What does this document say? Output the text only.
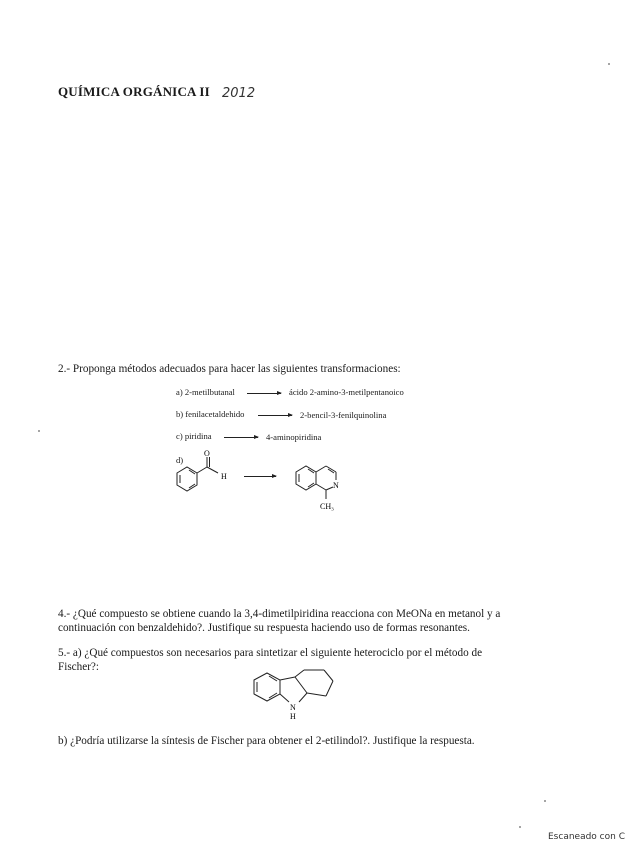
QUÍMICA ORGÁNICA II 2012
2.- Proponga métodos adecuados para hacer las siguientes transformaciones:
a) 2-metilbutanal	ácido 2-amino-3-metilpentanoico
b) fenilacetaldehido	2-bencil-3-fenilquinolina
c) piridina	4-aminopiridina
d)
O
H
N
CH₃
4.- ¿Qué compuesto se obtiene cuando la 3,4-dimetilpiridina reacciona con MeONa en metanol y a
continuación con benzaldehido?. Justifique su respuesta haciendo uso de formas resonantes.
5.- a) ¿Qué compuestos son necesarios para sintetizar el siguiente heterociclo por el método de
Fischer?:
N
H
b) ¿Podría utilizarse la síntesis de Fischer para obtener el 2-etilindol?. Justifique la respuesta.
Escaneado con C
